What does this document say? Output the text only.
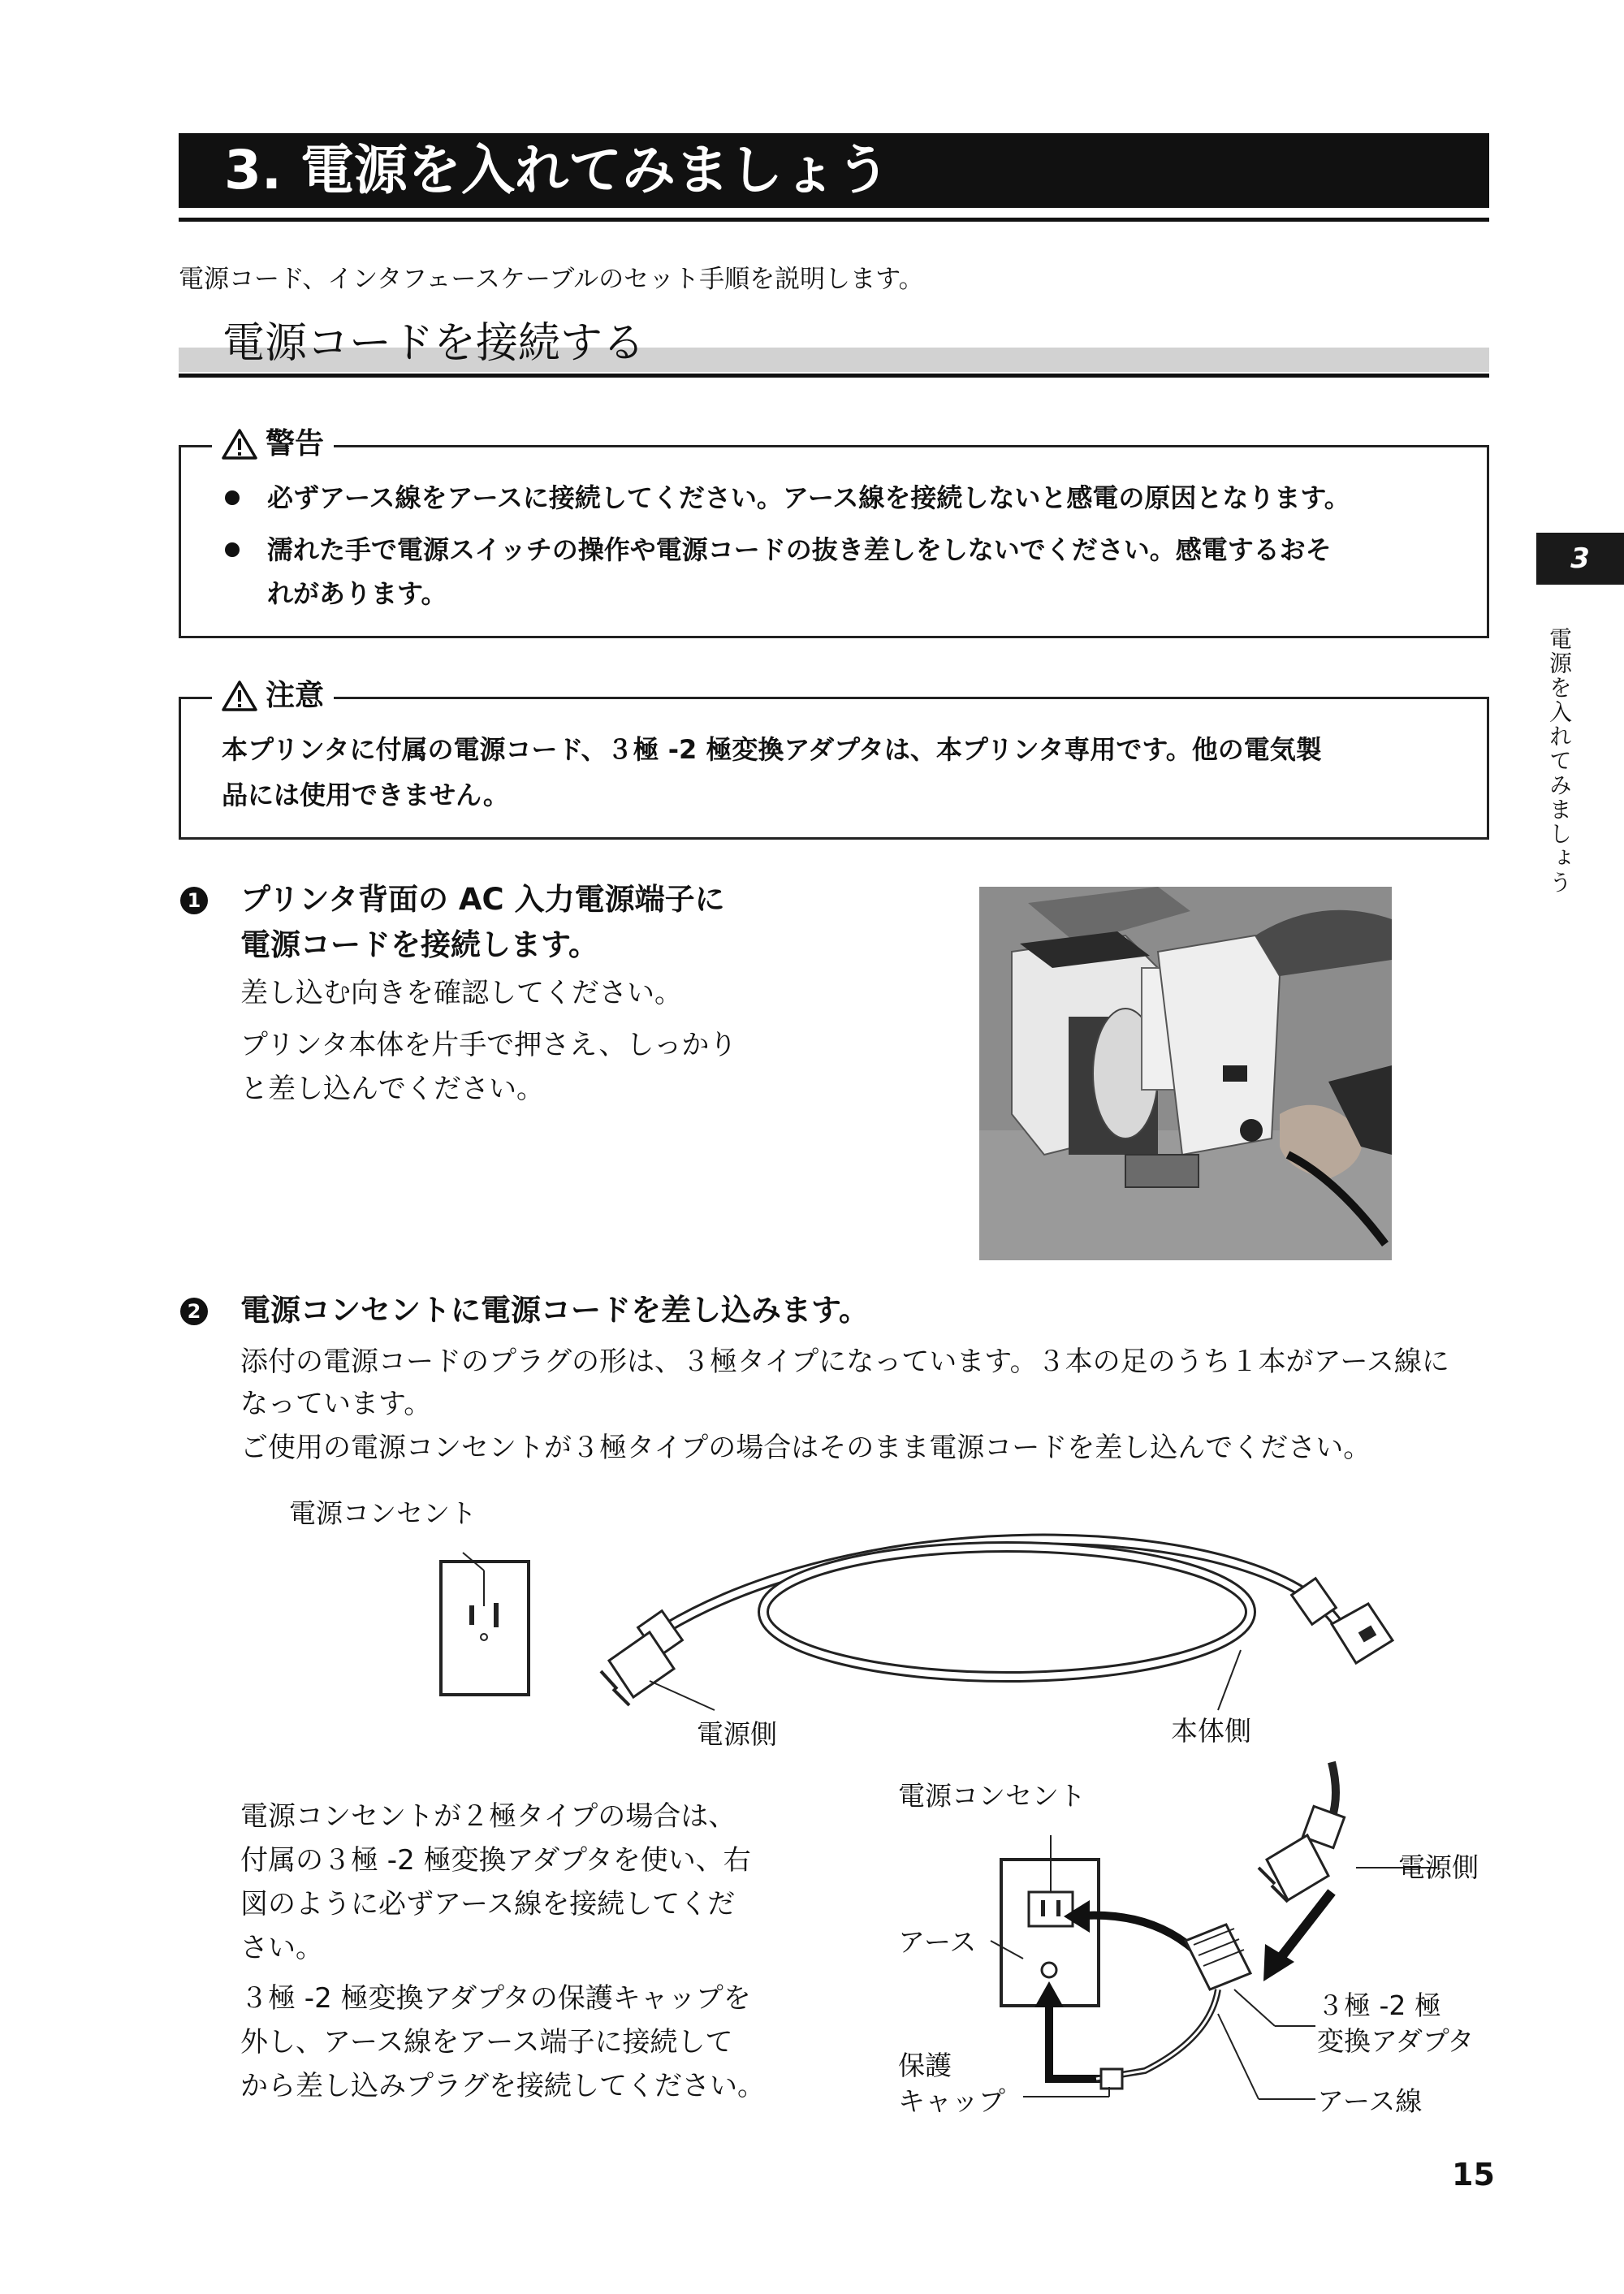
3. 電源を入れてみましょう
電源コード、インタフェースケーブルのセット手順を説明します。
電源コードを接続する
警告
必ずアース線をアースに接続してください。アース線を接続しないと感電の原因となります。
濡れた手で電源スイッチの操作や電源コードの抜き差しをしないでください。感電するおそ
れがあります。
注意
本プリンタに付属の電源コード、３極 -2 極変換アダプタは、本プリンタ専用です。他の電気製
品には使用できません。
1 プリンタ背面の AC 入力電源端子に
電源コードを接続します。
差し込む向きを確認してください。
プリンタ本体を片手で押さえ、しっかり
と差し込んでください。
2 電源コンセントに電源コードを差し込みます。
添付の電源コードのプラグの形は、３極タイプになっています。３本の足のうち１本がアース線に
なっています。
ご使用の電源コンセントが３極タイプの場合はそのまま電源コードを差し込んでください。
電源コンセント
電源側	本体側
電源コンセントが２極タイプの場合は、
付属の３極 -2 極変換アダプタを使い、右
図のように必ずアース線を接続してくだ
さい。
３極 -2 極変換アダプタの保護キャップを
外し、アース線をアース端子に接続して
から差し込みプラグを接続してください。
電源コンセント
アース
保護
キャップ
電源側
３極 -2 極
変換アダプタ
アース線
3
電源を入れてみましょう
15
